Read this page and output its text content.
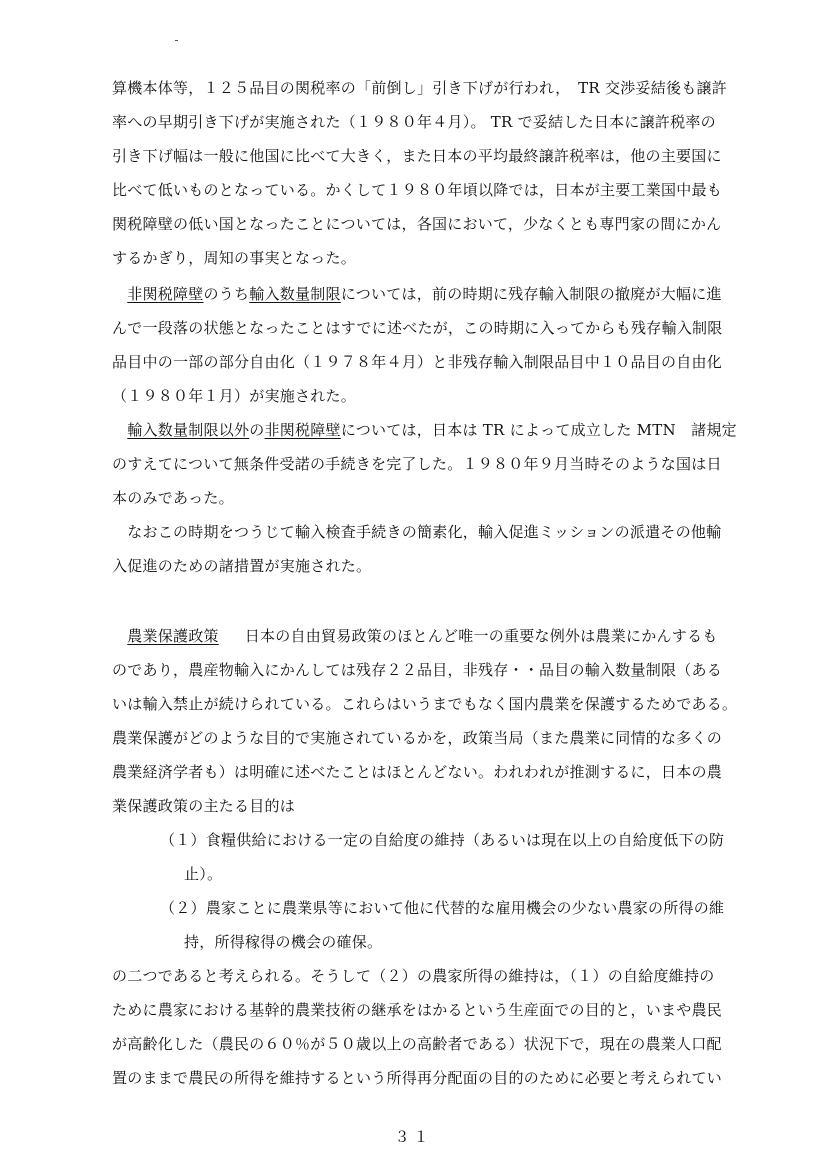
算機本体等，１２５品目の関税率の「前倒し」引き下げが行われ，　TR 交渉妥結後も譲許
率への早期引き下げが実施された（１９８０年４月）。 TR で妥結した日本に譲許税率の
引き下げ幅は一般に他国に比べて大きく，また日本の平均最終譲許税率は，他の主要国に
比べて低いものとなっている。かくして１９８０年頃以降では，日本が主要工業国中最も
関税障壁の低い国となったことについては，各国において，少なくとも専門家の間にかん
するかぎり，周知の事実となった。
　非関税障壁のうち輸入数量制限については，前の時期に残存輸入制限の撤廃が大幅に進
んで一段落の状態となったことはすでに述べたが，この時期に入ってからも残存輸入制限
品目中の一部の部分自由化（１９７８年４月）と非残存輸入制限品目中１０品目の自由化
（１９８０年１月）が実施された。
　輸入数量制限以外の非関税障壁については，日本は TR によって成立した MTN　諸規定
のすえてについて無条件受諾の手続きを完了した。１９８０年９月当時そのような国は日
本のみであった。
　なおこの時期をつうじて輸入検査手続きの簡素化，輸入促進ミッションの派遣その他輸
入促進のための諸措置が実施された。
　農業保護政策 日本の自由貿易政策のほとんど唯一の重要な例外は農業にかんするも
のであり，農産物輸入にかんしては残存２２品目，非残存・・品目の輸入数量制限（ある
いは輸入禁止が続けられている。これらはいうまでもなく国内農業を保護するためである。
農業保護がどのような目的で実施されているかを，政策当局（また農業に同情的な多くの
農業経済学者も）は明確に述べたことはほとんどない。われわれが推測するに，日本の農
業保護政策の主たる目的は
（１）食糧供給における一定の自給度の維持（あるいは現在以上の自給度低下の防
止）。
（２）農家ことに農業県等において他に代替的な雇用機会の少ない農家の所得の維
持，所得稼得の機会の確保。
の二つであると考えられる。そうして（２）の農家所得の維持は，（１）の自給度維持の
ために農家における基幹的農業技術の継承をはかるという生産面での目的と，いまや農民
が高齢化した（農民の６０％が５０歳以上の高齢者である）状況下で，現在の農業人口配
置のままで農民の所得を維持するという所得再分配面の目的のために必要と考えられてい
３１
